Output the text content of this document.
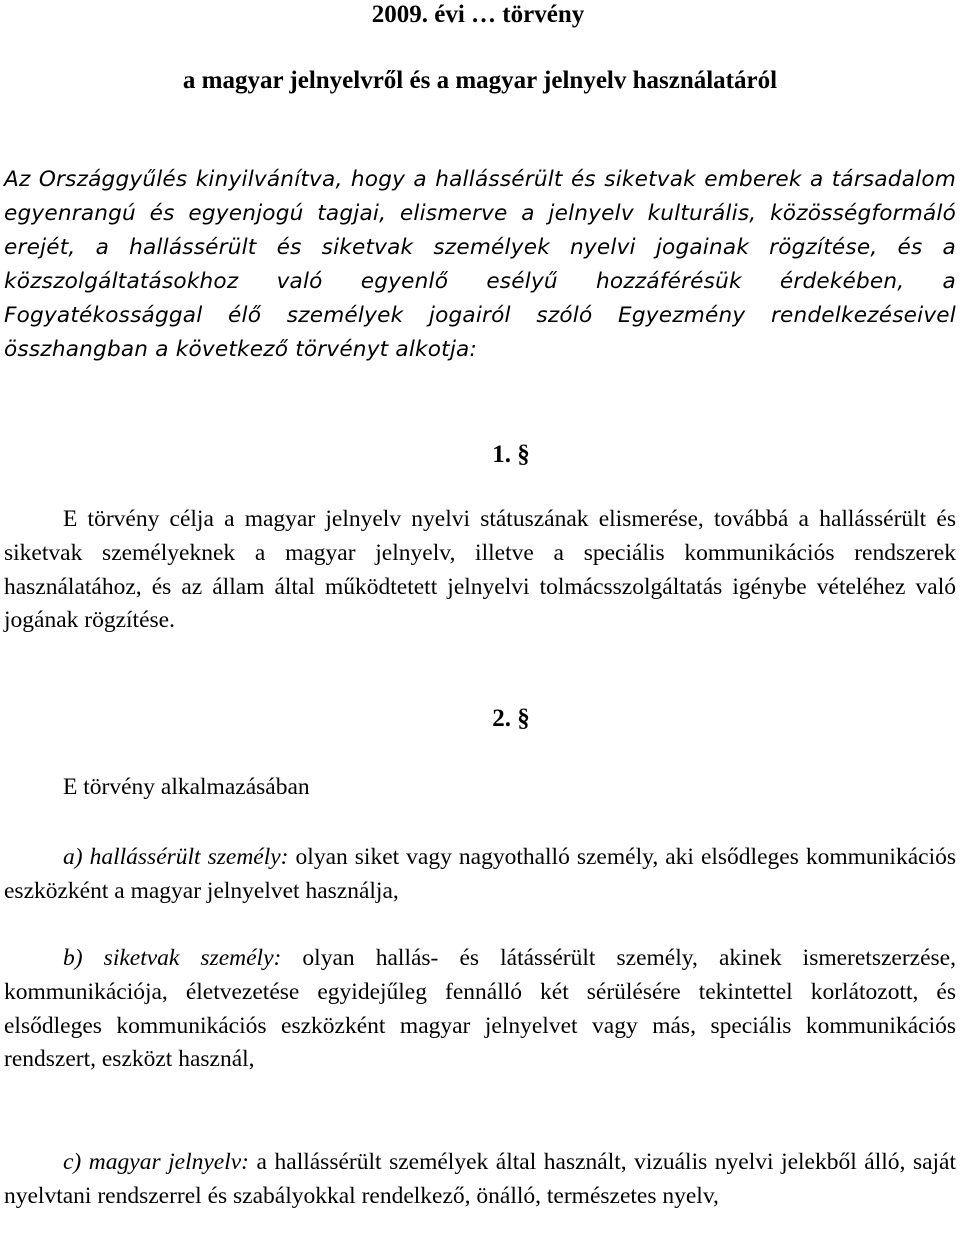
2009. évi … törvény
a magyar jelnyelvről és a magyar jelnyelv használatáról

Az Országgyűlés kinyilvánítva, hogy a hallássérült és siketvak emberek a társadalom egyenrangú és egyenjogú tagjai, elismerve a jelnyelv kulturális, közösségformáló erejét, a hallássérült és siketvak személyek nyelvi jogainak rögzítése, és a közszolgáltatásokhoz való egyenlő esélyű hozzáférésük érdekében, a Fogyatékossággal élő személyek jogairól szóló Egyezmény rendelkezéseivel összhangban a következő törvényt alkotja:

1. §

E törvény célja a magyar jelnyelv nyelvi státuszának elismerése, továbbá a hallássérült és siketvak személyeknek a magyar jelnyelv, illetve a speciális kommunikációs rendszerek használatához, és az állam által működtetett jelnyelvi tolmácsszolgáltatás igénybe vételéhez való jogának rögzítése.

2. §

E törvény alkalmazásában

a) hallássérült személy: olyan siket vagy nagyothalló személy, aki elsődleges kommunikációs eszközként a magyar jelnyelvet használja,

b) siketvak személy: olyan hallás- és látássérült személy, akinek ismeretszerzése, kommunikációja, életvezetése egyidejűleg fennálló két sérülésére tekintettel korlátozott, és elsődleges kommunikációs eszközként magyar jelnyelvet vagy más, speciális kommunikációs rendszert, eszközt használ,

c) magyar jelnyelv: a hallássérült személyek által használt, vizuális nyelvi jelekből álló, saját nyelvtani rendszerrel és szabályokkal rendelkező, önálló, természetes nyelv,
